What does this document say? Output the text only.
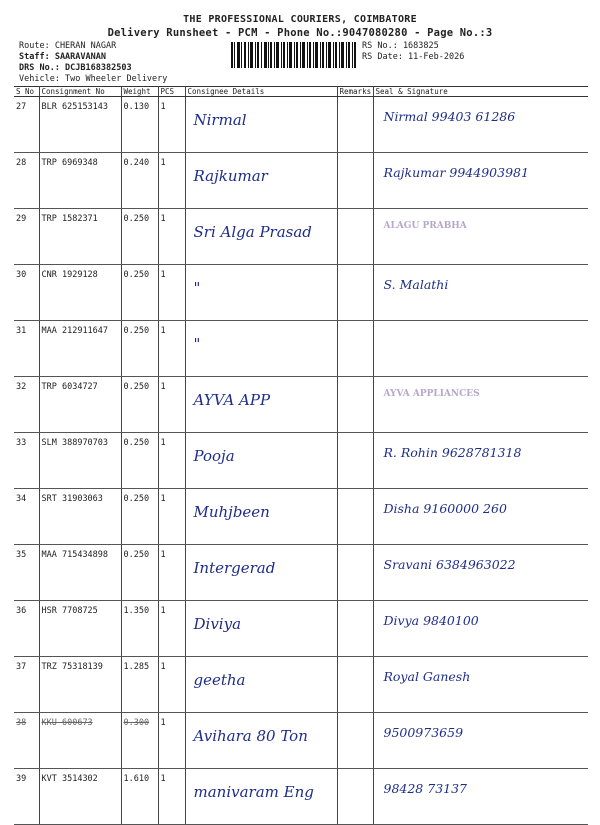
THE PROFESSIONAL COURIERS, COIMBATORE
Delivery Runsheet - PCM - Phone No.:9047080280 - Page No.:3
Route: CHERAN NAGAR
Staff: SAARAVANAN
DRS No.: DCJB168382503
Vehicle: Two Wheeler Delivery
RS No.: 1683825
RS Date: 11-Feb-2026
S No	Consignment No	Weight	PCS	Consignee Details	Remarks	Seal & Signature
27	BLR 625153143	0.130	1	Nirmal		Nirmal 99403 61286
28	TRP 6969348	0.240	1	Rajkumar		Rajkumar 9944903981
29	TRP 1582371	0.250	1	Sri Alga Prasad		ALAGU PRABHA
30	CNR 1929128	0.250	1	"		S. Malathi
31	MAA 212911647	0.250	1	"		
32	TRP 6034727	0.250	1	AYVA APP		AYVA APPLIANCES
33	SLM 388970703	0.250	1	Pooja		R. Rohin 9628781318
34	SRT 31903063	0.250	1	Muhjbeen		Disha 9160000 260
35	MAA 715434898	0.250	1	Intergerad		Sravani 6384963022
36	HSR 7708725	1.350	1	Diviya		Divya 9840100
37	TRZ 75318139	1.285	1	geetha		Royal Ganesh
38	KKU 600673	0.300	1	Avihara 80 Ton		9500973659
39	KVT 3514302	1.610	1	manivaram Eng		98428 73137
